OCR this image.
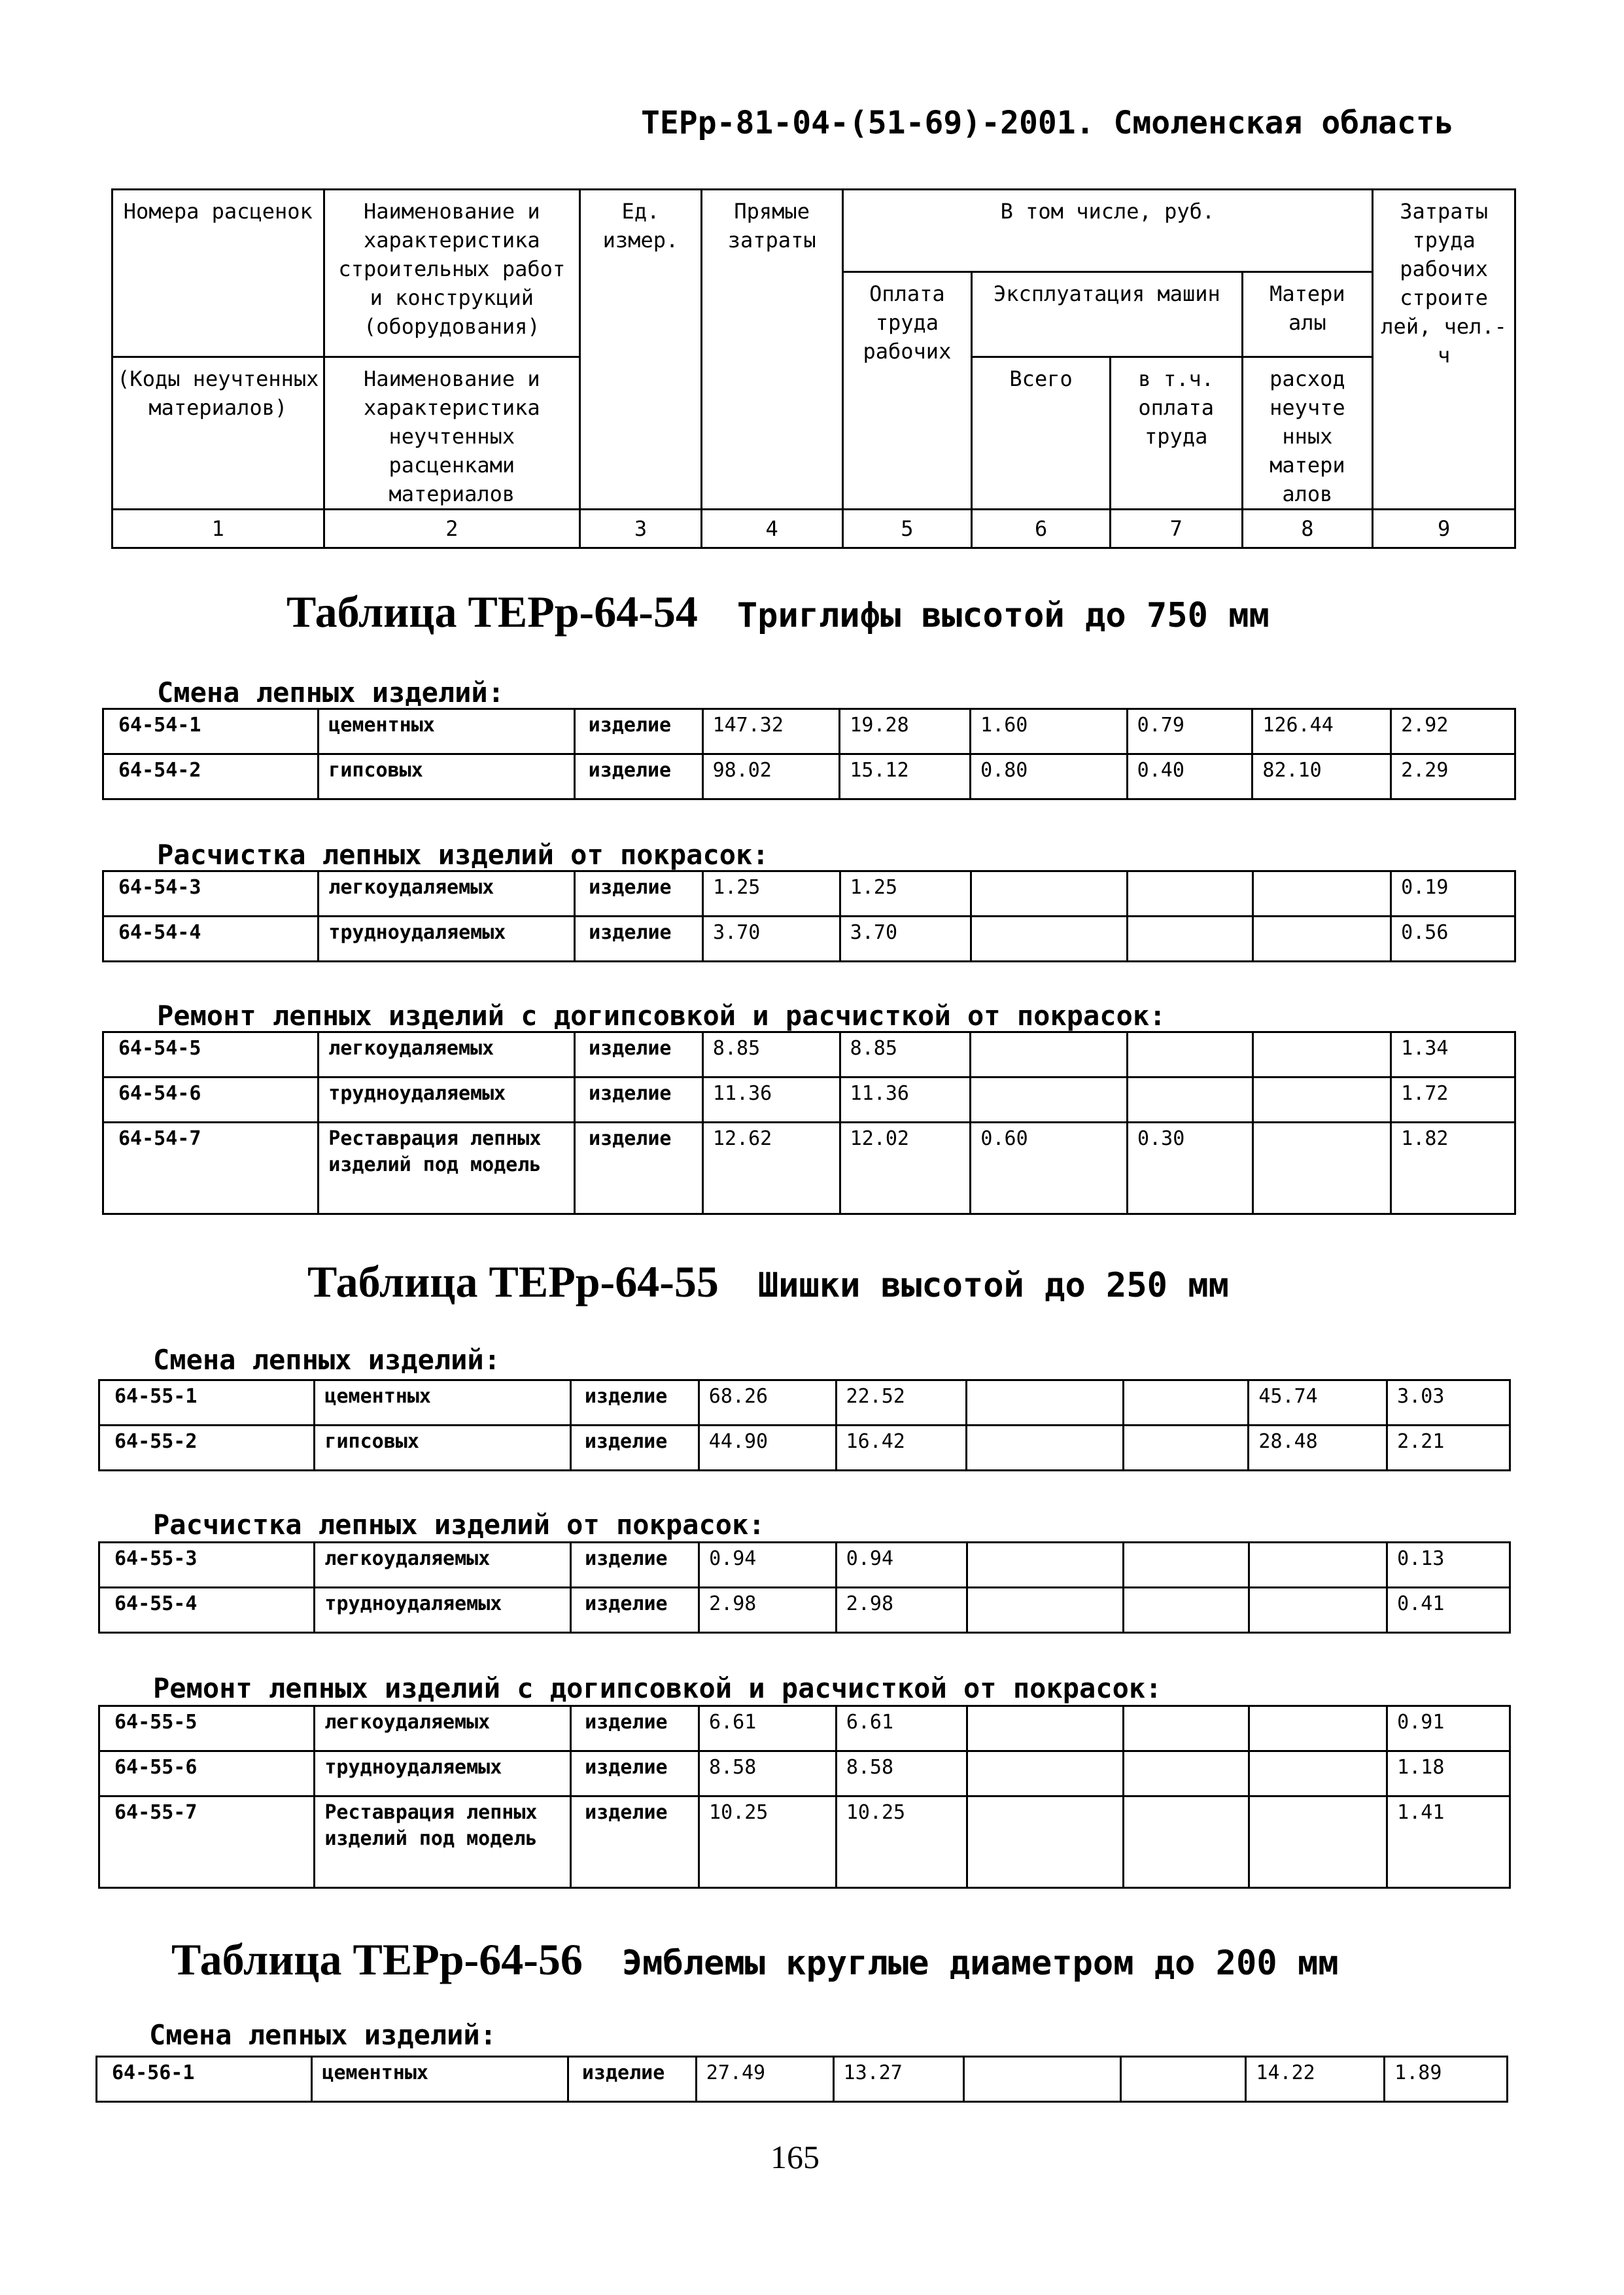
ТЕРр-81-04-(51-69)-2001. Смоленская область
Номера расценок	Наименование и характеристика строительных работ и конструкций (оборудования)	Ед. измер.	Прямые затраты	В том числе, руб.				Затраты труда рабочих строите лей, чел.-ч
				Оплата труда рабочих	Эксплуатация машин		Матери алы	
(Коды неучтенных материалов)	Наименование и характеристика неучтенных расценками материалов				Всего	в т.ч. оплата труда	расход неучте нных матери алов	

1	2	3	4	5	6	7	8	9
Таблица ТЕРр-64-54 Триглифы высотой до 750 мм
Смена лепных изделий:
64-54-1	цементных	изделие	147.32	19.28	1.60	0.79	126.44	2.92
64-54-2	гипсовых	изделие	98.02	15.12	0.80	0.40	82.10	2.29
Расчистка лепных изделий от покрасок:
64-54-3	легкоудаляемых	изделие	1.25	1.25				0.19
64-54-4	трудноудаляемых	изделие	3.70	3.70				0.56
Ремонт лепных изделий с догипсовкой и расчисткой от покрасок:
64-54-5	легкоудаляемых	изделие	8.85	8.85				1.34
64-54-6	трудноудаляемых	изделие	11.36	11.36				1.72
64-54-7	Реставрация лепных изделий под модель	изделие	12.62	12.02	0.60	0.30		1.82
Таблица ТЕРр-64-55 Шишки высотой до 250 мм
Смена лепных изделий:
64-55-1	цементных	изделие	68.26	22.52			45.74	3.03
64-55-2	гипсовых	изделие	44.90	16.42			28.48	2.21
Расчистка лепных изделий от покрасок:
64-55-3	легкоудаляемых	изделие	0.94	0.94				0.13
64-55-4	трудноудаляемых	изделие	2.98	2.98				0.41
Ремонт лепных изделий с догипсовкой и расчисткой от покрасок:
64-55-5	легкоудаляемых	изделие	6.61	6.61				0.91
64-55-6	трудноудаляемых	изделие	8.58	8.58				1.18
64-55-7	Реставрация лепных изделий под модель	изделие	10.25	10.25				1.41
Таблица ТЕРр-64-56 Эмблемы круглые диаметром до 200 мм
Смена лепных изделий:
64-56-1	цементных	изделие	27.49	13.27			14.22	1.89
165
